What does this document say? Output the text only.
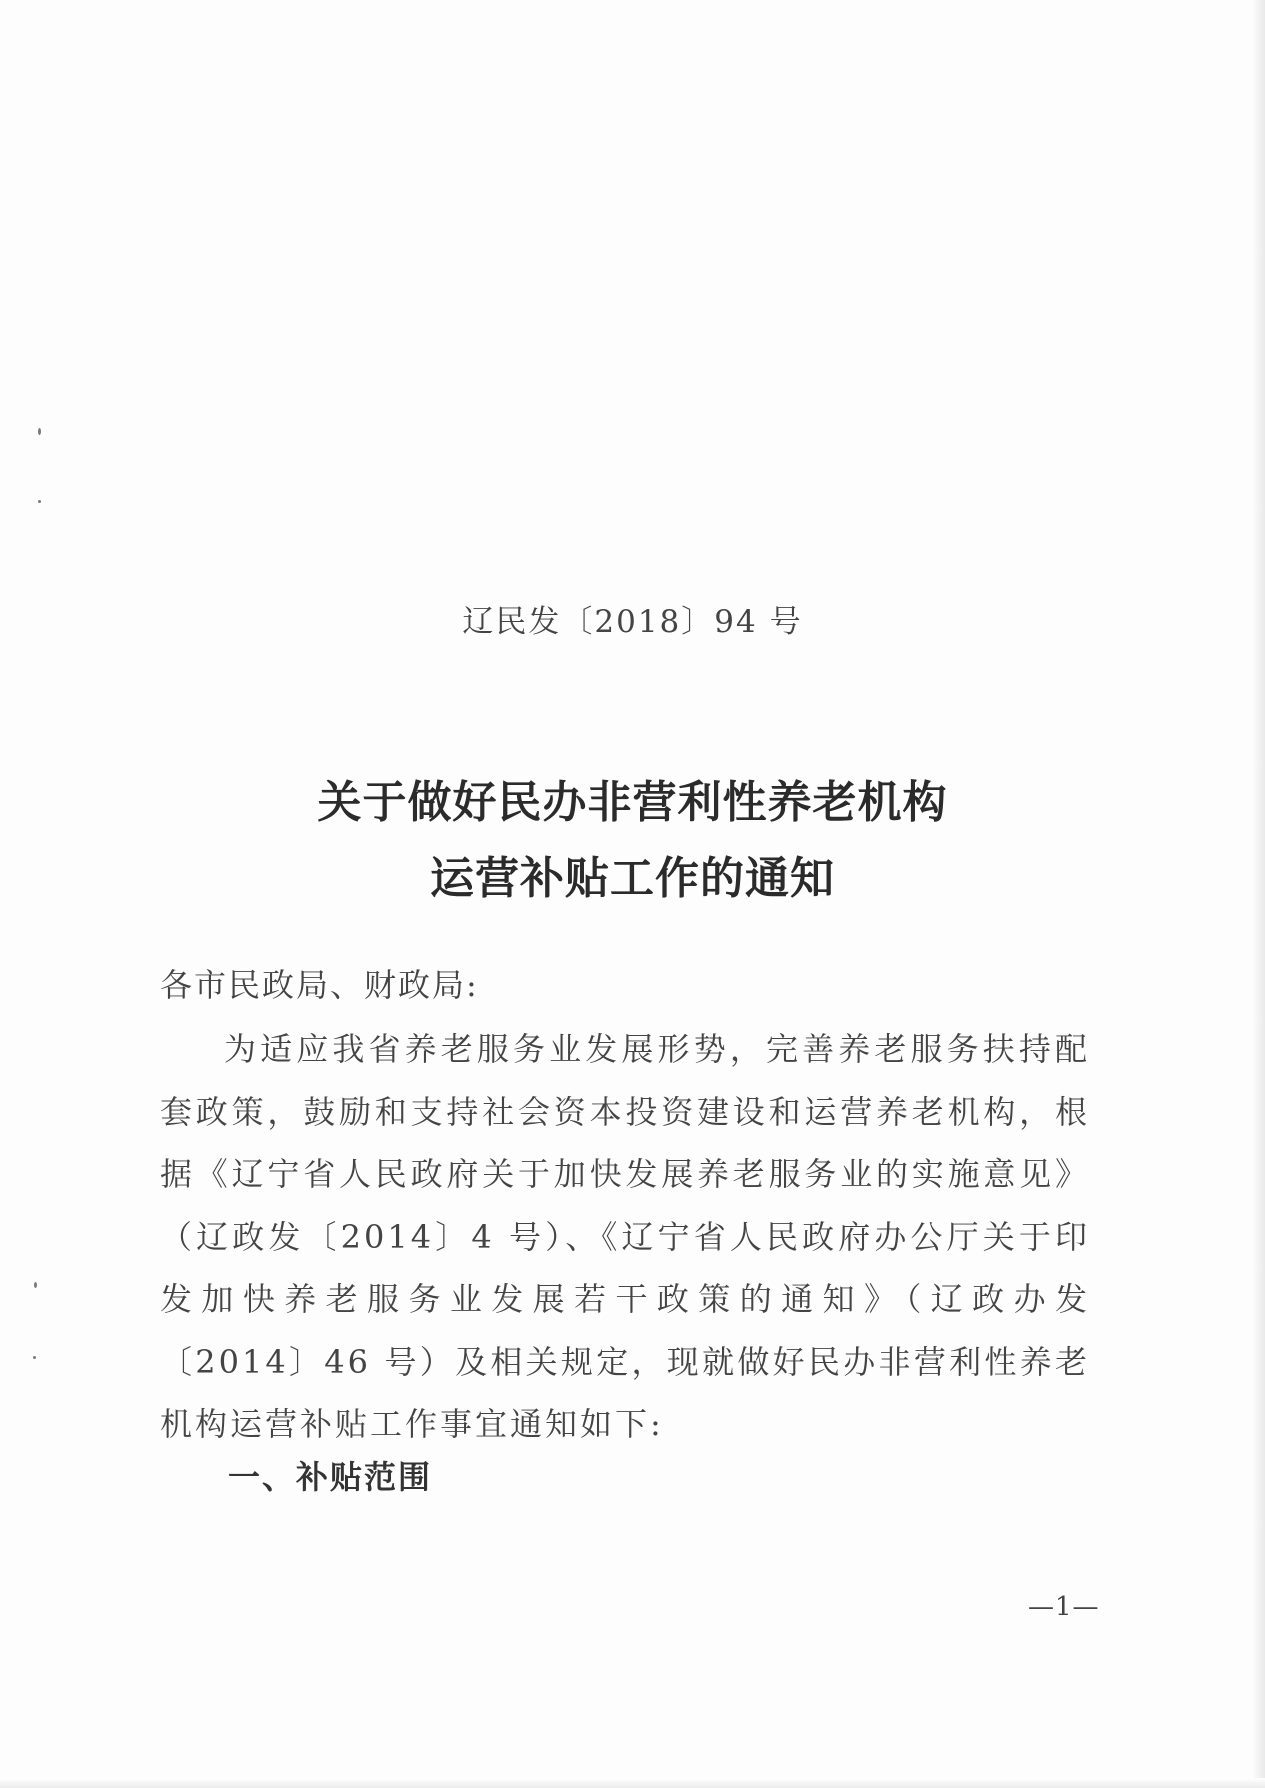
辽民发〔2018〕94 号
关于做好民办非营利性养老机构
运营补贴工作的通知
各市民政局、财政局:
为适应我省养老服务业发展形势，完善养老服务扶持配套政策，鼓励和支持社会资本投资建设和运营养老机构，根据《辽宁省人民政府关于加快发展养老服务业的实施意见》（辽政发〔2014〕4 号）、《辽宁省人民政府办公厅关于印发加快养老服务业发展若干政策的通知》（辽政办发〔2014〕46 号）及相关规定，现就做好民办非营利性养老机构运营补贴工作事宜通知如下:
一、补贴范围
—1—
